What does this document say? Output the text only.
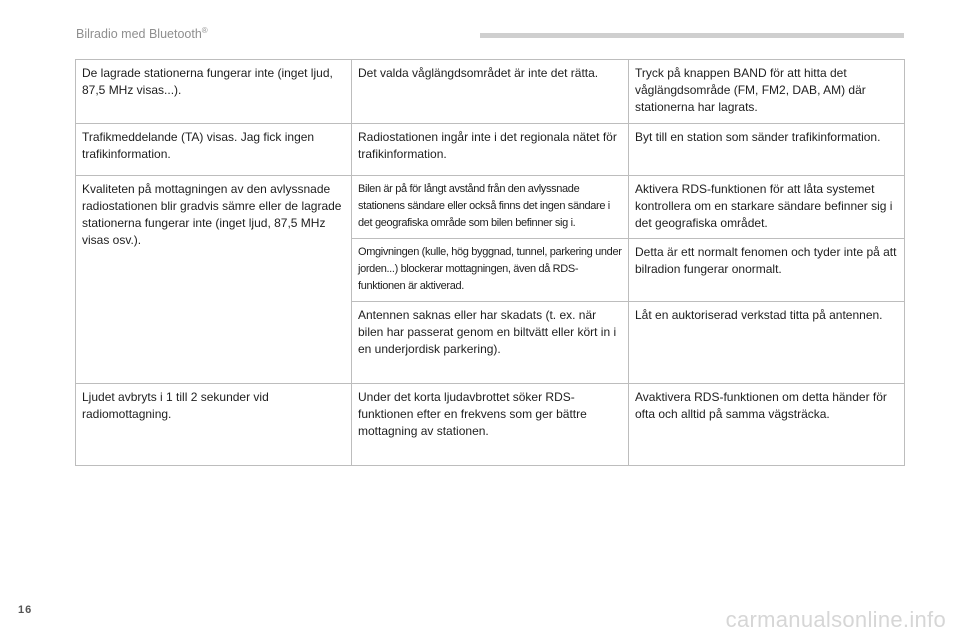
Bilradio med Bluetooth®
De lagrade stationerna fungerar inte (inget ljud, 87,5 MHz visas...).	Det valda våglängdsområdet är inte det rätta.	Tryck på knappen BAND för att hitta det våglängdsområde (FM, FM2, DAB, AM) där stationerna har lagrats.
Trafikmeddelande (TA) visas. Jag fick ingen trafikinformation.	Radiostationen ingår inte i det regionala nätet för trafikinformation.	Byt till en station som sänder trafikinformation.
Kvaliteten på mottagningen av den avlyssnade radiostationen blir gradvis sämre eller de lagrade stationerna fungerar inte (inget ljud, 87,5 MHz visas osv.).	Bilen är på för långt avstånd från den avlyssnade stationens sändare eller också finns det ingen sändare i det geografiska område som bilen befinner sig i.	Aktivera RDS-funktionen för att låta systemet kontrollera om en starkare sändare befinner sig i det geografiska området.

	Omgivningen (kulle, hög byggnad, tunnel, parkering under jorden...) blockerar mottagningen, även då RDS-funktionen är aktiverad.	Detta är ett normalt fenomen och tyder inte på att bilradion fungerar onormalt.
	Antennen saknas eller har skadats (t. ex. när bilen har passerat genom en biltvätt eller kört in i en underjordisk parkering).	Låt en auktoriserad verkstad titta på antennen.
Ljudet avbryts i 1 till 2 sekunder vid radiomottagning.	Under det korta ljudavbrottet söker RDS-funktionen efter en frekvens som ger bättre mottagning av stationen.	Avaktivera RDS-funktionen om detta händer för ofta och alltid på samma vägsträcka.
16	carmanualsonline.info
